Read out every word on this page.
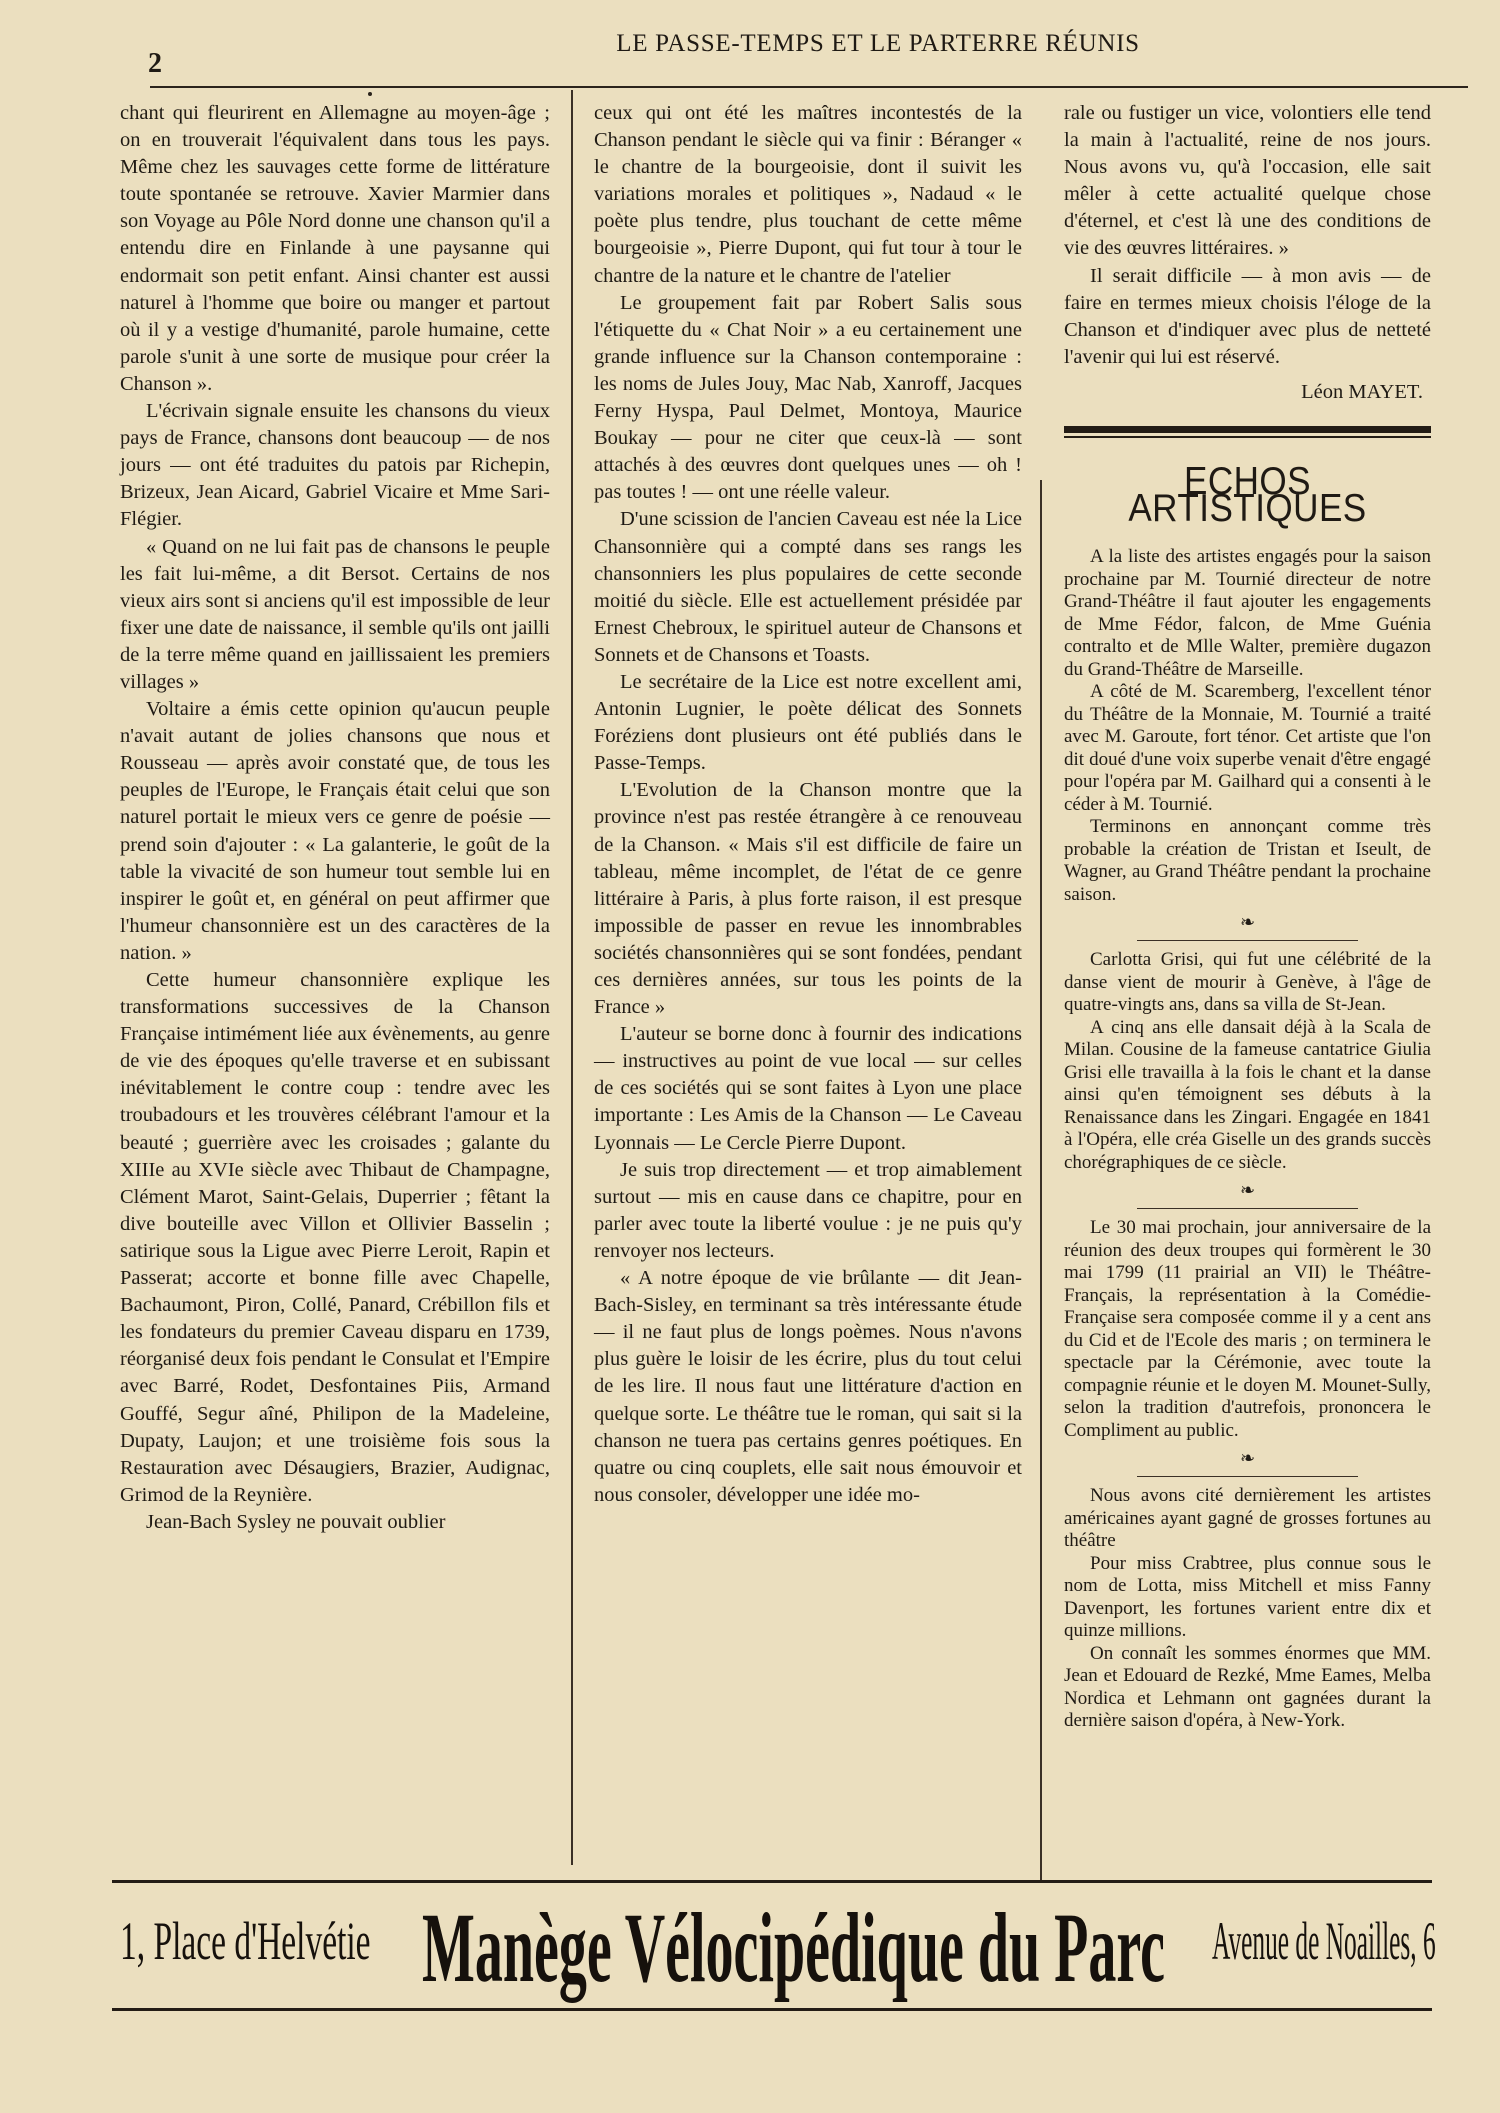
2
LE PASSE-TEMPS ET LE PARTERRE RÉUNIS

chant qui fleurirent en Allemagne au moyen-âge ; on en trouverait l'équivalent dans tous les pays. Même chez les sauvages cette forme de littérature toute spontanée se retrouve. Xavier Marmier dans son Voyage au Pôle Nord donne une chanson qu'il a entendu dire en Finlande à une paysanne qui endormait son petit enfant. Ainsi chanter est aussi naturel à l'homme que boire ou manger et partout où il y a vestige d'humanité, parole humaine, cette parole s'unit à une sorte de musique pour créer la Chanson ».

L'écrivain signale ensuite les chansons du vieux pays de France, chansons dont beaucoup — de nos jours — ont été traduites du patois par Richepin, Brizeux, Jean Aicard, Gabriel Vicaire et Mme Sari-Flégier.

« Quand on ne lui fait pas de chansons le peuple les fait lui-même, a dit Bersot. Certains de nos vieux airs sont si anciens qu'il est impossible de leur fixer une date de naissance, il semble qu'ils ont jailli de la terre même quand en jaillissaient les premiers villages »

Voltaire a émis cette opinion qu'aucun peuple n'avait autant de jolies chansons que nous et Rousseau — après avoir constaté que, de tous les peuples de l'Europe, le Français était celui que son naturel portait le mieux vers ce genre de poésie — prend soin d'ajouter : « La galanterie, le goût de la table la vivacité de son humeur tout semble lui en inspirer le goût et, en général on peut affirmer que l'humeur chansonnière est un des caractères de la nation. »

Cette humeur chansonnière explique les transformations successives de la Chanson Française intimément liée aux évènements, au genre de vie des époques qu'elle traverse et en subissant inévitablement le contre coup : tendre avec les troubadours et les trouvères célébrant l'amour et la beauté ; guerrière avec les croisades ; galante du XIIIe au XVIe siècle avec Thibaut de Champagne, Clément Marot, Saint-Gelais, Duperrier ; fêtant la dive bouteille avec Villon et Ollivier Basselin ; satirique sous la Ligue avec Pierre Leroit, Rapin et Passerat; accorte et bonne fille avec Chapelle, Bachaumont, Piron, Collé, Panard, Crébillon fils et les fondateurs du premier Caveau disparu en 1739, réorganisé deux fois pendant le Consulat et l'Empire avec Barré, Rodet, Desfontaines Piis, Armand Gouffé, Segur aîné, Philipon de la Madeleine, Dupaty, Laujon; et une troisième fois sous la Restauration avec Désaugiers, Brazier, Audignac, Grimod de la Reynière.

Jean-Bach Sysley ne pouvait oublier

ceux qui ont été les maîtres incontestés de la Chanson pendant le siècle qui va finir : Béranger « le chantre de la bourgeoisie, dont il suivit les variations morales et politiques », Nadaud « le poète plus tendre, plus touchant de cette même bourgeoisie », Pierre Dupont, qui fut tour à tour le chantre de la nature et le chantre de l'atelier

Le groupement fait par Robert Salis sous l'étiquette du « Chat Noir » a eu certainement une grande influence sur la Chanson contemporaine : les noms de Jules Jouy, Mac Nab, Xanroff, Jacques Ferny Hyspa, Paul Delmet, Montoya, Maurice Boukay — pour ne citer que ceux-là — sont attachés à des œuvres dont quelques unes — oh ! pas toutes ! — ont une réelle valeur.

D'une scission de l'ancien Caveau est née la Lice Chansonnière qui a compté dans ses rangs les chansonniers les plus populaires de cette seconde moitié du siècle. Elle est actuellement présidée par Ernest Chebroux, le spirituel auteur de Chansons et Sonnets et de Chansons et Toasts.

Le secrétaire de la Lice est notre excellent ami, Antonin Lugnier, le poète délicat des Sonnets Foréziens dont plusieurs ont été publiés dans le Passe-Temps.

L'Evolution de la Chanson montre que la province n'est pas restée étrangère à ce renouveau de la Chanson. « Mais s'il est difficile de faire un tableau, même incomplet, de l'état de ce genre littéraire à Paris, à plus forte raison, il est presque impossible de passer en revue les innombrables sociétés chansonnières qui se sont fondées, pendant ces dernières années, sur tous les points de la France »

L'auteur se borne donc à fournir des indications — instructives au point de vue local — sur celles de ces sociétés qui se sont faites à Lyon une place importante : Les Amis de la Chanson — Le Caveau Lyonnais — Le Cercle Pierre Dupont.

Je suis trop directement — et trop aimablement surtout — mis en cause dans ce chapitre, pour en parler avec toute la liberté voulue : je ne puis qu'y renvoyer nos lecteurs.

« A notre époque de vie brûlante — dit Jean-Bach-Sisley, en terminant sa très intéressante étude — il ne faut plus de longs poèmes. Nous n'avons plus guère le loisir de les écrire, plus du tout celui de les lire. Il nous faut une littérature d'action en quelque sorte. Le théâtre tue le roman, qui sait si la chanson ne tuera pas certains genres poétiques. En quatre ou cinq couplets, elle sait nous émouvoir et nous consoler, développer une idée mo-

rale ou fustiger un vice, volontiers elle tend la main à l'actualité, reine de nos jours. Nous avons vu, qu'à l'occasion, elle sait mêler à cette actualité quelque chose d'éternel, et c'est là une des conditions de vie des œuvres littéraires. »

Il serait difficile — à mon avis — de faire en termes mieux choisis l'éloge de la Chanson et d'indiquer avec plus de netteté l'avenir qui lui est réservé.

Léon MAYET.
ECHOS ARTISTIQUES

A la liste des artistes engagés pour la saison prochaine par M. Tournié directeur de notre Grand-Théâtre il faut ajouter les engagements de Mme Fédor, falcon, de Mme Guénia contralto et de Mlle Walter, première dugazon du Grand-Théâtre de Marseille.

A côté de M. Scaremberg, l'excellent ténor du Théâtre de la Monnaie, M. Tournié a traité avec M. Garoute, fort ténor. Cet artiste que l'on dit doué d'une voix superbe venait d'être engagé pour l'opéra par M. Gailhard qui a consenti à le céder à M. Tournié.

Terminons en annonçant comme très probable la création de Tristan et Iseult, de Wagner, au Grand Théâtre pendant la prochaine saison.

❧

Carlotta Grisi, qui fut une célébrité de la danse vient de mourir à Genève, à l'âge de quatre-vingts ans, dans sa villa de St-Jean.

A cinq ans elle dansait déjà à la Scala de Milan. Cousine de la fameuse cantatrice Giulia Grisi elle travailla à la fois le chant et la danse ainsi qu'en témoignent ses débuts à la Renaissance dans les Zingari. Engagée en 1841 à l'Opéra, elle créa Giselle un des grands succès chorégraphiques de ce siècle.

❧

Le 30 mai prochain, jour anniversaire de la réunion des deux troupes qui formèrent le 30 mai 1799 (11 prairial an VII) le Théâtre-Français, la représentation à la Comédie-Française sera composée comme il y a cent ans du Cid et de l'Ecole des maris ; on terminera le spectacle par la Cérémonie, avec toute la compagnie réunie et le doyen M. Mounet-Sully, selon la tradition d'autrefois, prononcera le Compliment au public.

❧

Nous avons cité dernièrement les artistes américaines ayant gagné de grosses fortunes au théâtre

Pour miss Crabtree, plus connue sous le nom de Lotta, miss Mitchell et miss Fanny Davenport, les fortunes varient entre dix et quinze millions.

On connaît les sommes énormes que MM. Jean et Edouard de Rezké, Mme Eames, Melba Nordica et Lehmann ont gagnées durant la dernière saison d'opéra, à New-York.

1, Place d'Helvétie Manège Vélocipédique du Parc Avenue de Noailles, 6
